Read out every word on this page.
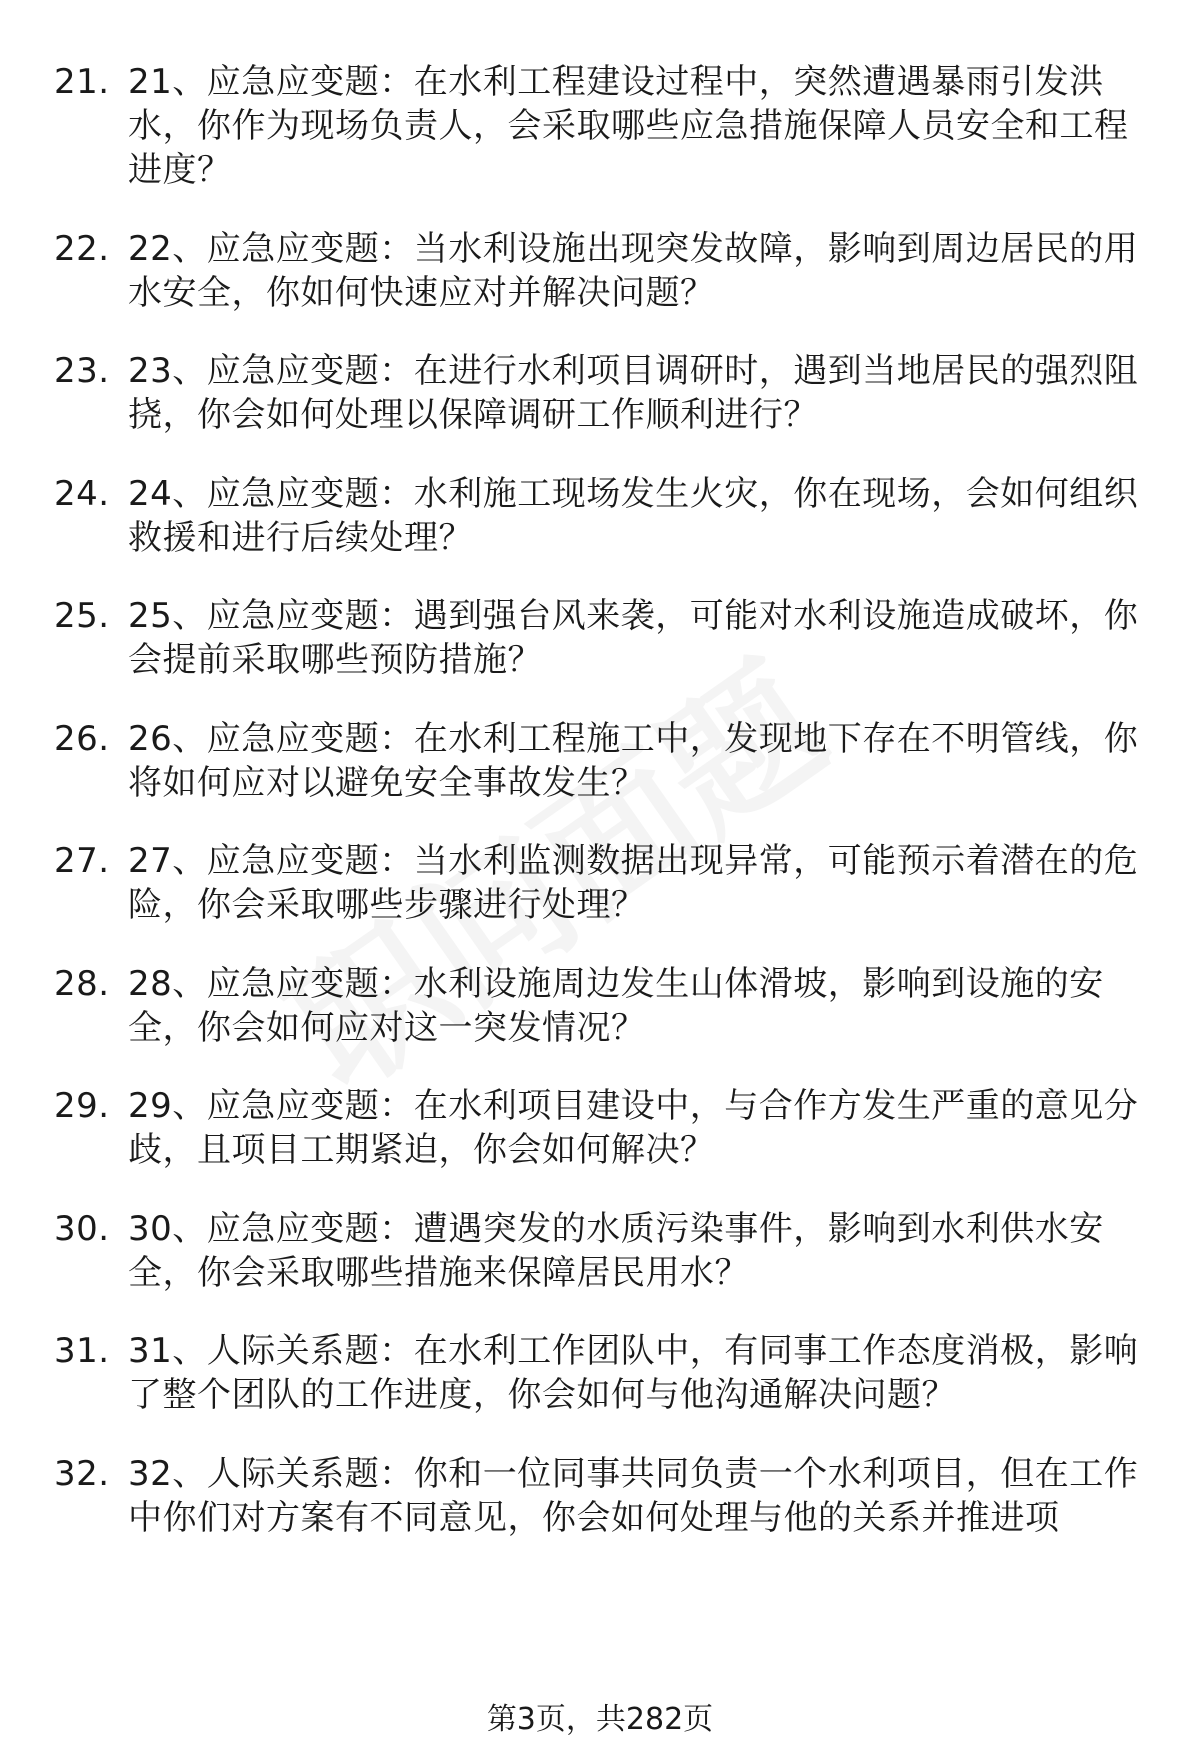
21. 21、应急应变题：在水利工程建设过程中，突然遭遇暴雨引发洪水，你作为现场负责人，会采取哪些应急措施保障人员安全和工程进度？
22. 22、应急应变题：当水利设施出现突发故障，影响到周边居民的用水安全，你如何快速应对并解决问题？
23. 23、应急应变题：在进行水利项目调研时，遇到当地居民的强烈阻挠，你会如何处理以保障调研工作顺利进行？
24. 24、应急应变题：水利施工现场发生火灾，你在现场，会如何组织救援和进行后续处理？
25. 25、应急应变题：遇到强台风来袭，可能对水利设施造成破坏，你会提前采取哪些预防措施？
26. 26、应急应变题：在水利工程施工中，发现地下存在不明管线，你将如何应对以避免安全事故发生？
27. 27、应急应变题：当水利监测数据出现异常，可能预示着潜在的危险，你会采取哪些步骤进行处理？
28. 28、应急应变题：水利设施周边发生山体滑坡，影响到设施的安全，你会如何应对这一突发情况？
29. 29、应急应变题：在水利项目建设中，与合作方发生严重的意见分歧，且项目工期紧迫，你会如何解决？
30. 30、应急应变题：遭遇突发的水质污染事件，影响到水利供水安全，你会采取哪些措施来保障居民用水？
31. 31、人际关系题：在水利工作团队中，有同事工作态度消极，影响了整个团队的工作进度，你会如何与他沟通解决问题？
32. 32、人际关系题：你和一位同事共同负责一个水利项目，但在工作中你们对方案有不同意见，你会如何处理与他的关系并推进项
第3页，共282页
